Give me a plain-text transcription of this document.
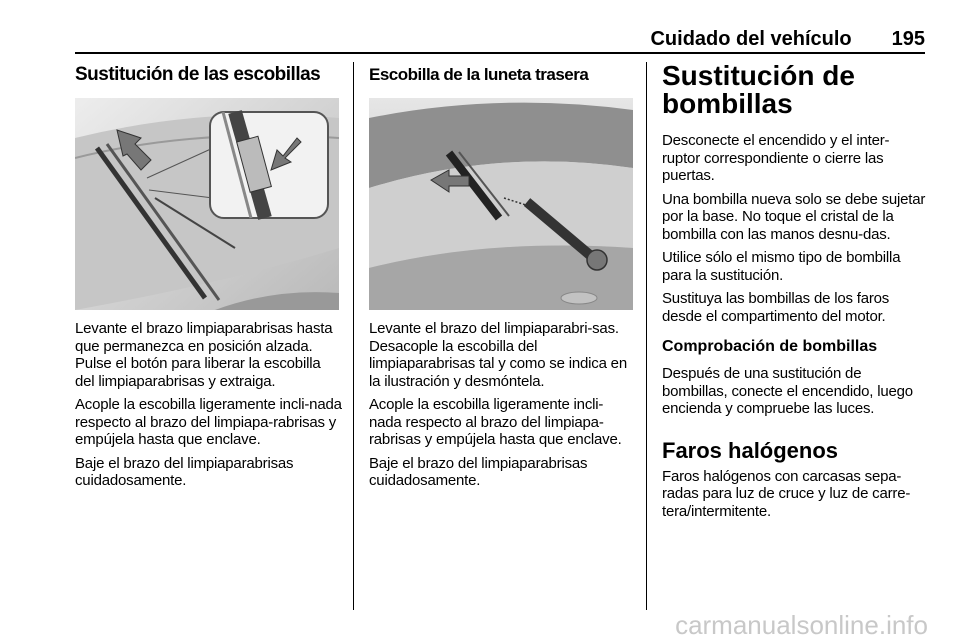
Cuidado del vehículo 195
Sustitución de las escobillas

Levante el brazo limpiaparabrisas hasta que permanezca en posición alzada. Pulse el botón para liberar la escobilla del limpiaparabrisas y extraiga.

Acople la escobilla ligeramente incli-nada respecto al brazo del limpiapa-rabrisas y empújela hasta que enclave.

Baje el brazo del limpiaparabrisas cuidadosamente.

Escobilla de la luneta trasera

Levante el brazo del limpiaparabri-sas. Desacople la escobilla del limpiaparabrisas tal y como se indica en la ilustración y desmóntela.

Acople la escobilla ligeramente incli-nada respecto al brazo del limpiapa-rabrisas y empújela hasta que enclave.

Baje el brazo del limpiaparabrisas cuidadosamente.

Sustitución de bombillas

Desconecte el encendido y el inter-ruptor correspondiente o cierre las puertas.

Una bombilla nueva solo se debe sujetar por la base. No toque el cristal de la bombilla con las manos desnu-das.

Utilice sólo el mismo tipo de bombilla para la sustitución.

Sustituya las bombillas de los faros desde el compartimento del motor.

Comprobación de bombillas

Después de una sustitución de bombillas, conecte el encendido, luego encienda y compruebe las luces.

Faros halógenos

Faros halógenos con carcasas sepa-radas para luz de cruce y luz de carre-tera/intermitente.

carmanualsonline.info
